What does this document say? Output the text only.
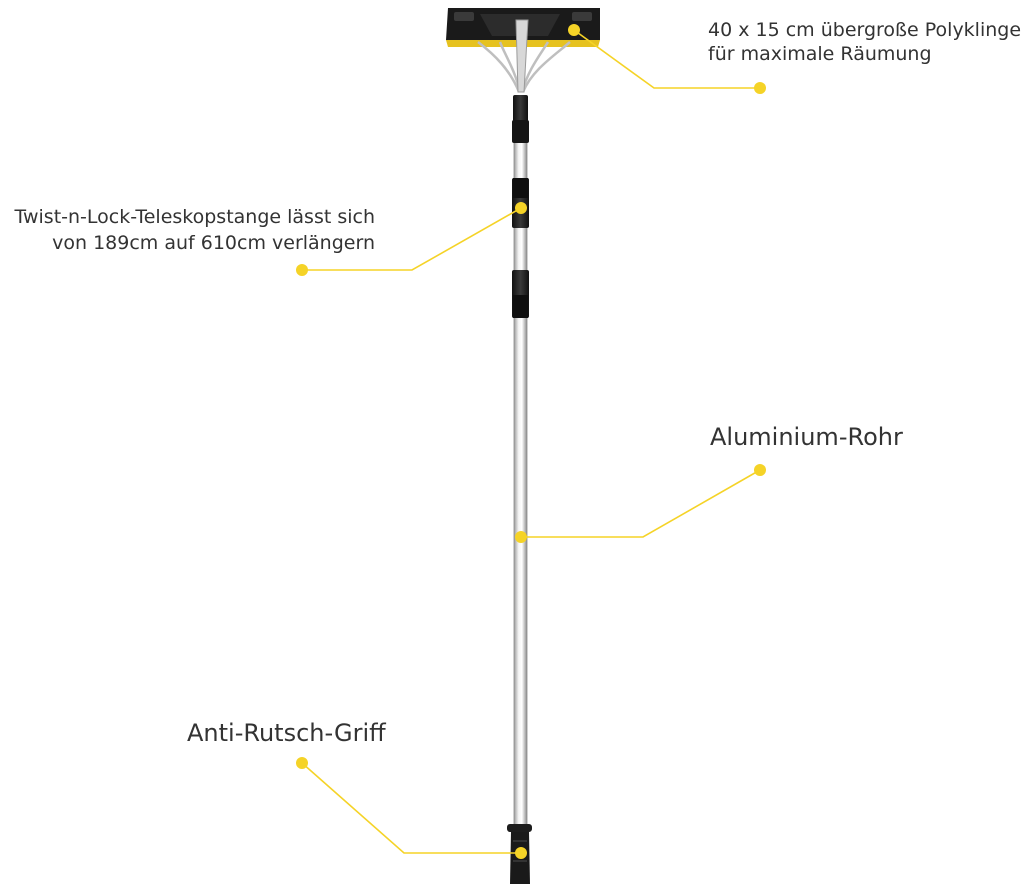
40 x 15 cm übergroße Polyklinge
für maximale Räumung
Twist-n-Lock-Teleskopstange lässt sich
von 189cm auf 610cm verlängern
Aluminium-Rohr
Anti-Rutsch-Griff
